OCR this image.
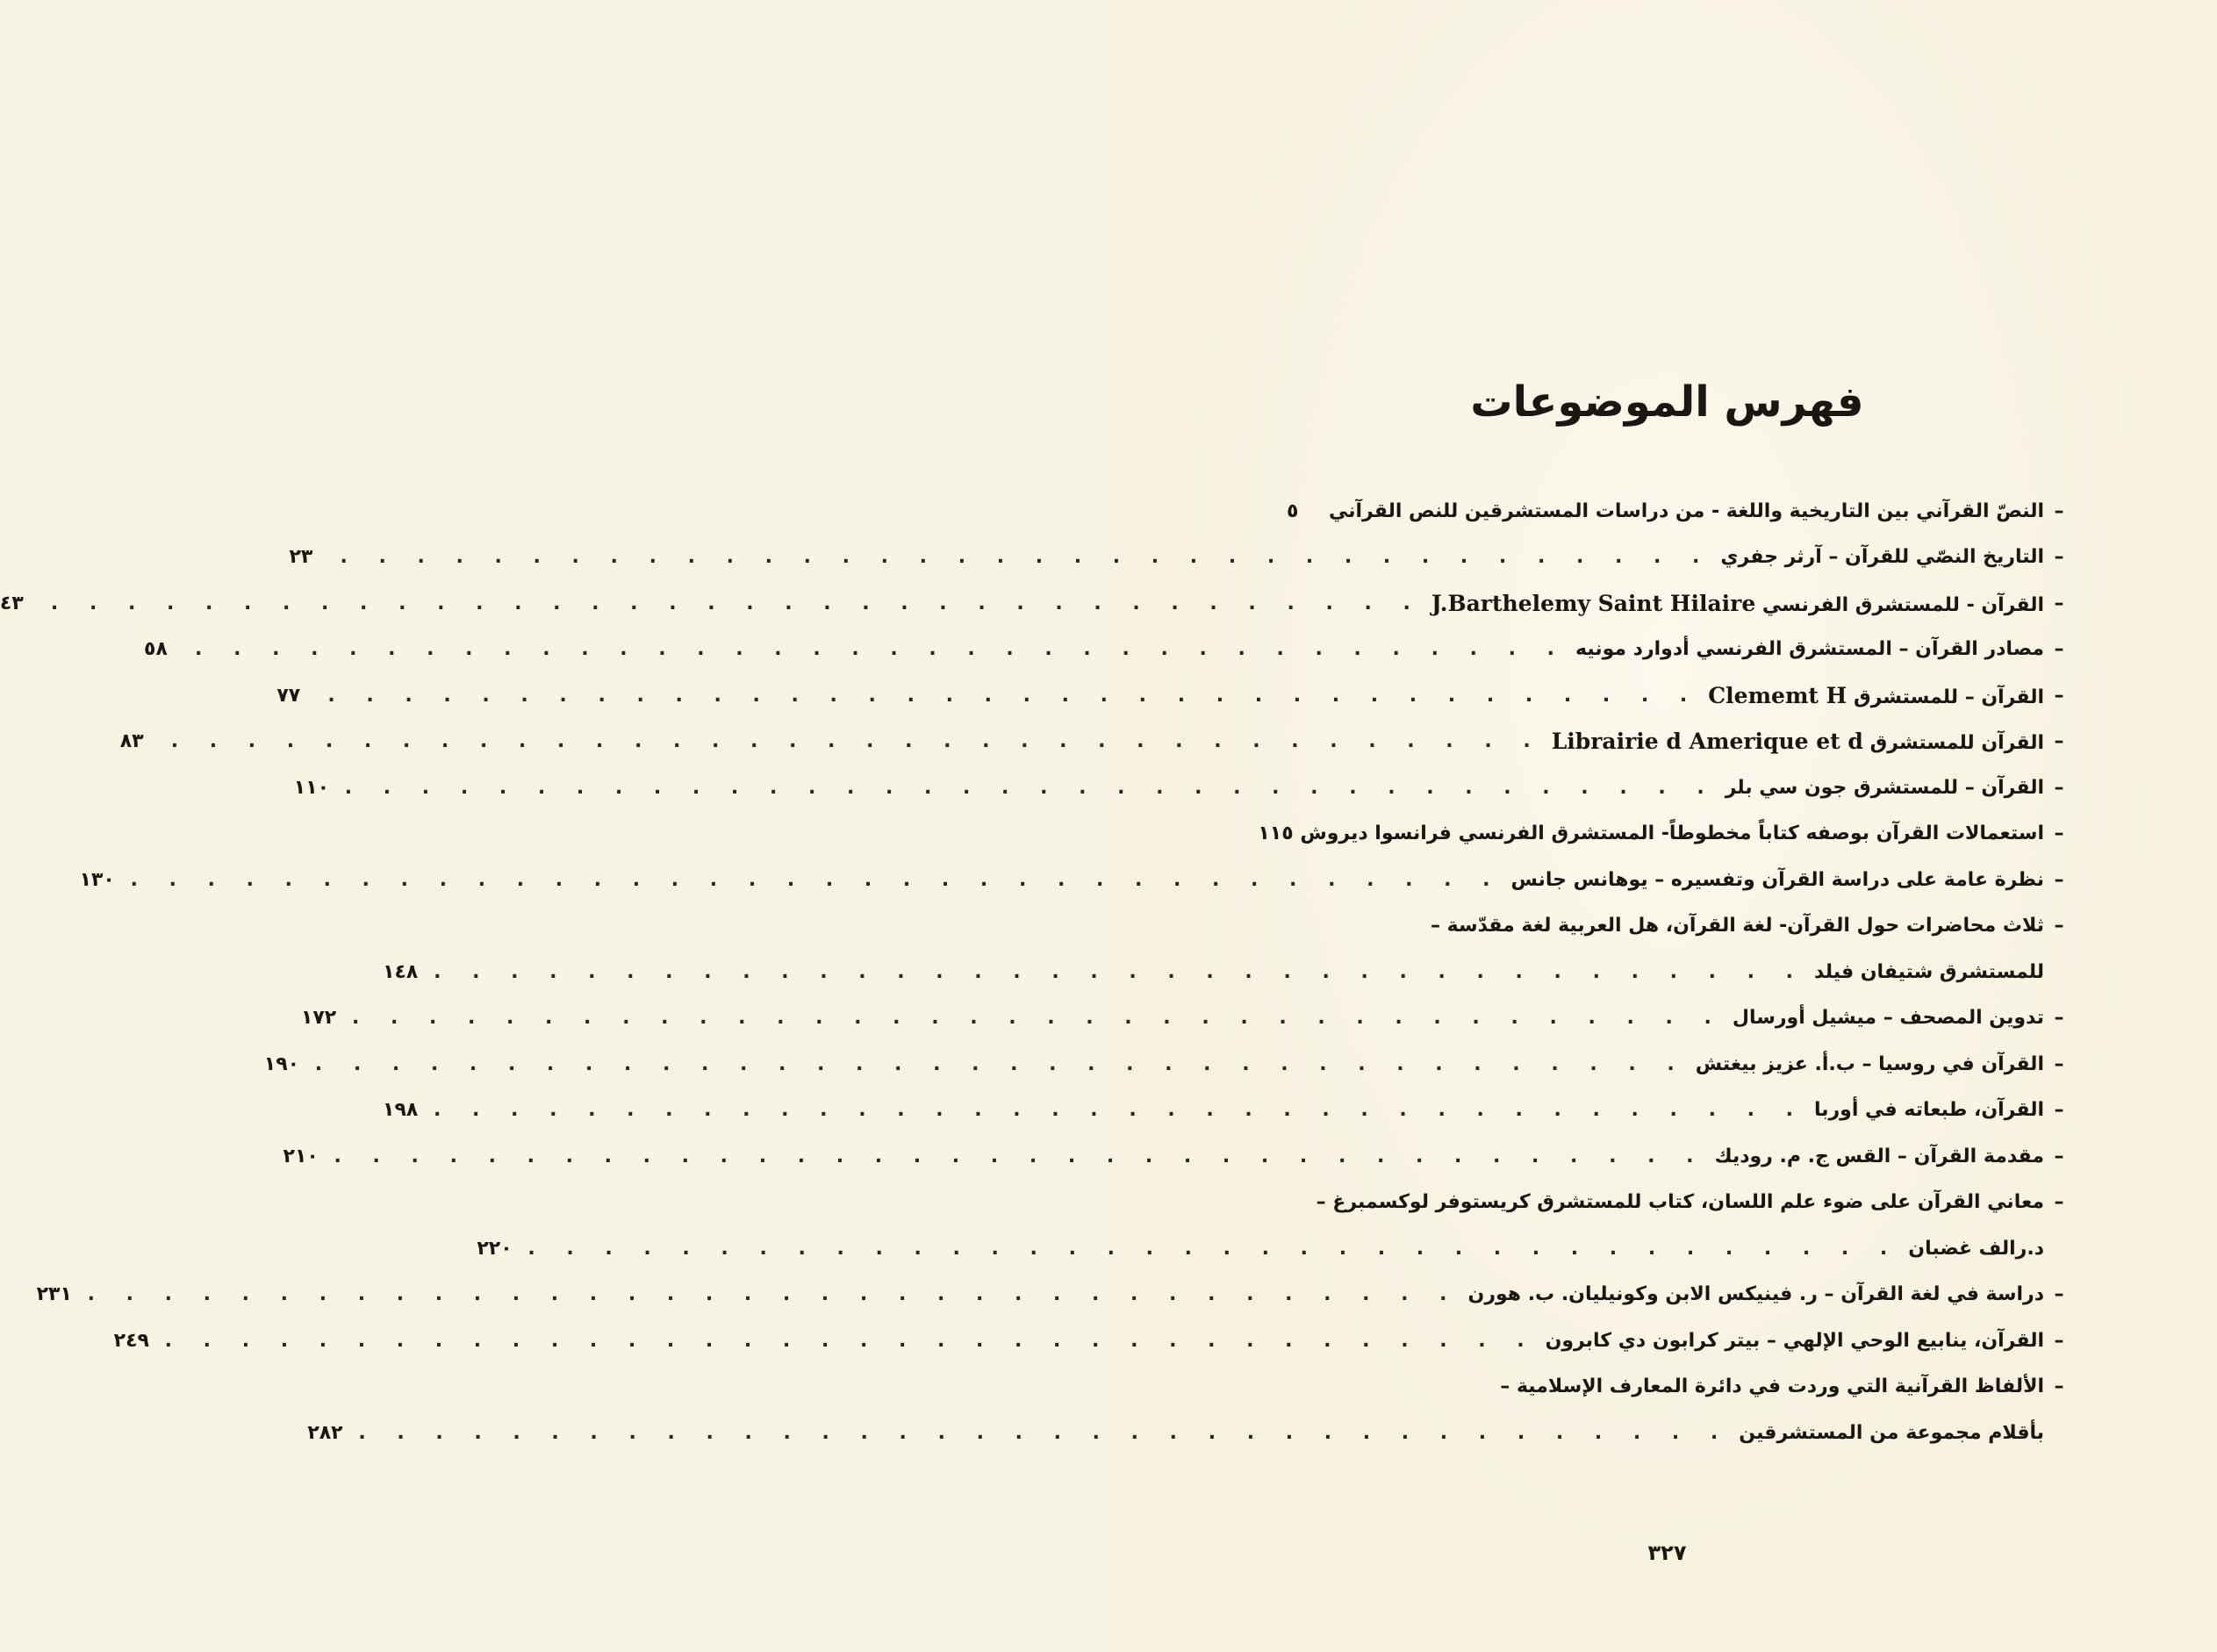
فهرس الموضوعات
–
النصّ القرآني بين التاريخية واللغة - من دراسات المستشرقين للنص القرآني
٥
–
التاريخ النصّي للقرآن – آرثر جفري
. . . . . . . . . . . . . . . . . . . . . . . . . . . . . . . . . . . .
٢٣
–
القرآن - للمستشرق الفرنسي J.Barthelemy Saint Hilaire
. . . . . . . . . . . . . . . . . . . . . . . . . . . . . . . . . . . .
٤٣
–
مصادر القرآن – المستشرق الفرنسي أدوارد مونيه
. . . . . . . . . . . . . . . . . . . . . . . . . . . . . . . . . . . .
٥٨
–
القرآن – للمستشرق Clememt H
. . . . . . . . . . . . . . . . . . . . . . . . . . . . . . . . . . . .
٧٧
–
القرآن للمستشرق Librairie d Amerique et d
. . . . . . . . . . . . . . . . . . . . . . . . . . . . . . . . . . . .
٨٣
–
القرآن – للمستشرق جون سي بلر
. . . . . . . . . . . . . . . . . . . . . . . . . . . . . . . . . . . .
١١٠
–
استعمالات القرآن بوصفه كتاباً مخطوطاً- المستشرق الفرنسي فرانسوا ديروش
١١٥
–
نظرة عامة على دراسة القرآن وتفسيره – يوهانس جانس
. . . . . . . . . . . . . . . . . . . . . . . . . . . . . . . . . . . .
١٣٠
–
ثلاث محاضرات حول القرآن- لغة القرآن، هل العربية لغة مقدّسة –
للمستشرق شتيفان فيلد
. . . . . . . . . . . . . . . . . . . . . . . . . . . . . . . . . . . .
١٤٨
–
تدوين المصحف – ميشيل أورسال
. . . . . . . . . . . . . . . . . . . . . . . . . . . . . . . . . . . .
١٧٢
–
القرآن في روسيا – ب.أ. عزيز بيغتش
. . . . . . . . . . . . . . . . . . . . . . . . . . . . . . . . . . . .
١٩٠
–
القرآن، طبعاته في أوربا
. . . . . . . . . . . . . . . . . . . . . . . . . . . . . . . . . . . .
١٩٨
–
مقدمة القرآن – القس ج. م. روديك
. . . . . . . . . . . . . . . . . . . . . . . . . . . . . . . . . . . .
٢١٠
–
معاني القرآن على ضوء علم اللسان، كتاب للمستشرق كريستوفر لوكسمبرغ –
د.رالف غضبان
. . . . . . . . . . . . . . . . . . . . . . . . . . . . . . . . . . . .
٢٢٠
–
دراسة في لغة القرآن – ر. فينيكس الابن وكونيليان. ب. هورن
. . . . . . . . . . . . . . . . . . . . . . . . . . . . . . . . . . . .
٢٣١
–
القرآن، ينابيع الوحي الإلهي – بيتر كرابون دي كابرون
. . . . . . . . . . . . . . . . . . . . . . . . . . . . . . . . . . . .
٢٤٩
–
الألفاظ القرآنية التي وردت في دائرة المعارف الإسلامية –
بأقلام مجموعة من المستشرقين
. . . . . . . . . . . . . . . . . . . . . . . . . . . . . . . . . . . .
٢٨٢
٣٢٧
